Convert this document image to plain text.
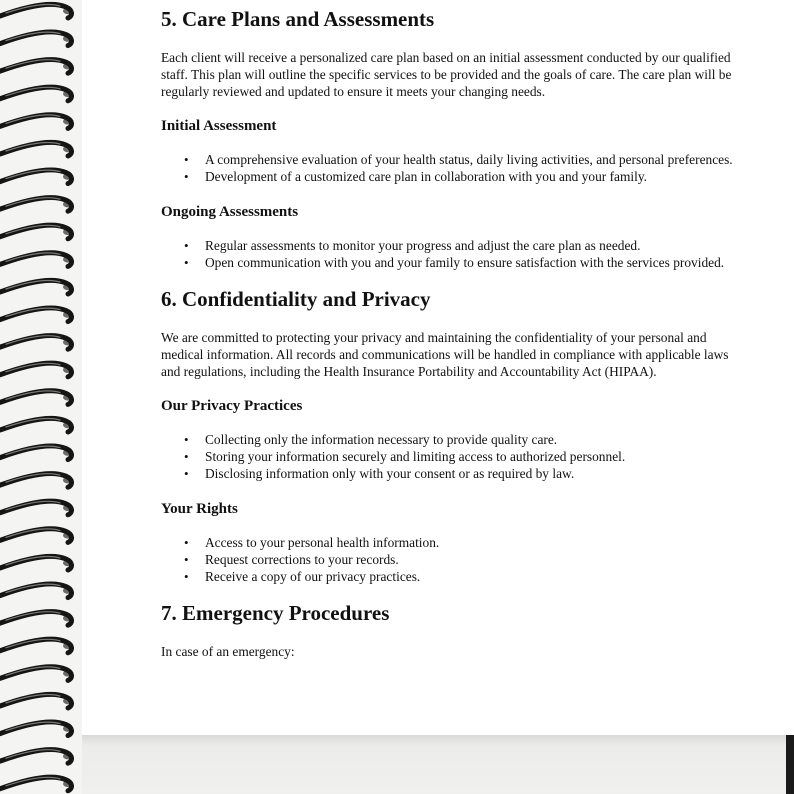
5. Care Plans and Assessments

Each client will receive a personalized care plan based on an initial assessment conducted by our qualified staff. This plan will outline the specific services to be provided and the goals of care. The care plan will be regularly reviewed and updated to ensure it meets your changing needs.

Initial Assessment
• A comprehensive evaluation of your health status, daily living activities, and personal preferences.
• Development of a customized care plan in collaboration with you and your family.
Ongoing Assessments
• Regular assessments to monitor your progress and adjust the care plan as needed.
• Open communication with you and your family to ensure satisfaction with the services provided.
6. Confidentiality and Privacy

We are committed to protecting your privacy and maintaining the confidentiality of your personal and medical information. All records and communications will be handled in compliance with applicable laws and regulations, including the Health Insurance Portability and Accountability Act (HIPAA).

Our Privacy Practices
• Collecting only the information necessary to provide quality care.
• Storing your information securely and limiting access to authorized personnel.
• Disclosing information only with your consent or as required by law.
Your Rights
• Access to your personal health information.
• Request corrections to your records.
• Receive a copy of our privacy practices.
7. Emergency Procedures

In case of an emergency:
